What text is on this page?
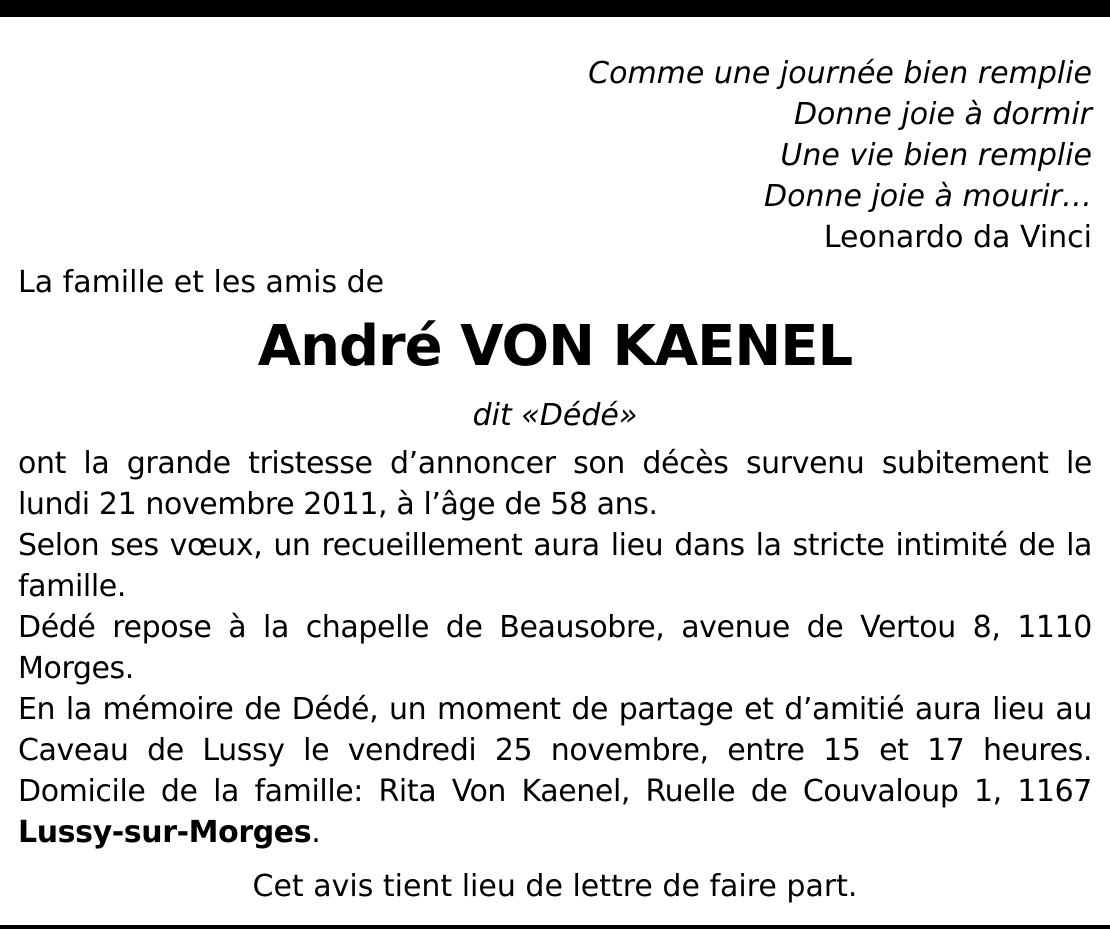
Comme une journée bien remplie
Donne joie à dormir
Une vie bien remplie
Donne joie à mourir…
Leonardo da Vinci
La famille et les amis de
André VON KAENEL
dit «Dédé»

ont la grande tristesse d’annoncer son décès survenu subitement le lundi 21 novembre 2011, à l’âge de 58 ans.

Selon ses vœux, un recueillement aura lieu dans la stricte intimité de la famille.

Dédé repose à la chapelle de Beausobre, avenue de Vertou 8, 1110 Morges.

En la mémoire de Dédé, un moment de partage et d’amitié aura lieu au Caveau de Lussy le vendredi 25 novembre, entre 15 et 17 heures. Domicile de la famille: Rita Von Kaenel, Ruelle de Couvaloup 1, 1167 Lussy-sur-Morges.

Cet avis tient lieu de lettre de faire part.
